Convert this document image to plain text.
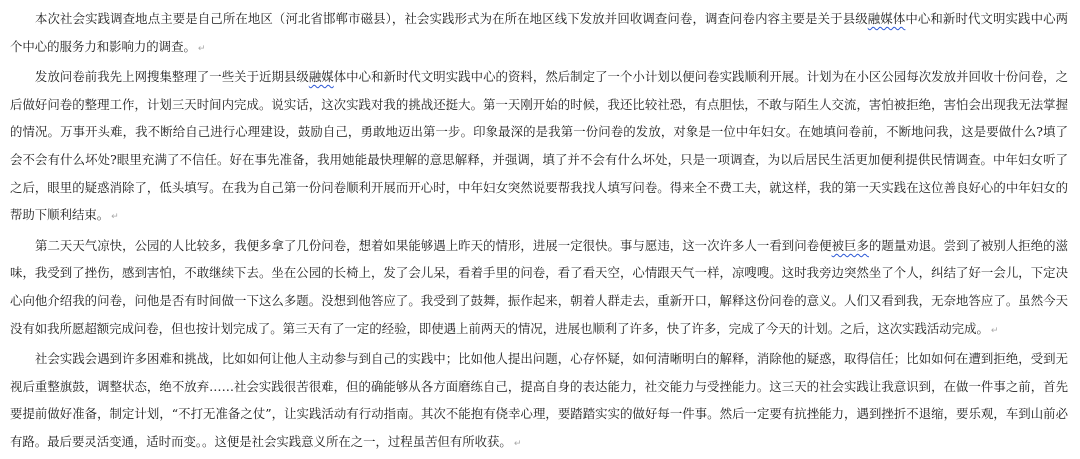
本次社会实践调查地点主要是自己所在地区（河北省邯郸市磁县），社会实践形式为在所在地区线下发放并回收调查问卷，调查问卷内容主要是关于县级融媒体中心和新时代文明实践中心两个中心的服务力和影响力的调查。 ↵

发放问卷前我先上网搜集整理了一些关于近期县级融媒体中心和新时代文明实践中心的资料，然后制定了一个小计划以便问卷实践顺利开展。计划为在小区公园每次发放并回收十份问卷，之后做好问卷的整理工作，计划三天时间内完成。说实话，这次实践对我的挑战还挺大。第一天刚开始的时候，我还比较社恐，有点胆怯，不敢与陌生人交流，害怕被拒绝，害怕会出现我无法掌握的情况。万事开头难，我不断给自己进行心理建设，鼓励自己，勇敢地迈出第一步。印象最深的是我第一份问卷的发放，对象是一位中年妇女。在她填问卷前，不断地问我，这是要做什么?填了会不会有什么坏处?眼里充满了不信任。好在事先准备，我用她能最快理解的意思解释，并强调，填了并不会有什么坏处，只是一项调查，为以后居民生活更加便利提供民情调查。中年妇女听了之后，眼里的疑惑消除了，低头填写。在我为自己第一份问卷顺利开展而开心时，中年妇女突然说要帮我找人填写问卷。得来全不费工夫，就这样，我的第一天实践在这位善良好心的中年妇女的帮助下顺利结束。 ↵

第二天天气凉快，公园的人比较多，我便多拿了几份问卷，想着如果能够遇上昨天的情形，进展一定很快。事与愿违，这一次许多人一看到问卷便被巨多的题量劝退。尝到了被别人拒绝的滋味，我受到了挫伤，感到害怕，不敢继续下去。坐在公园的长椅上，发了会儿呆，看着手里的问卷，看了看天空，心情跟天气一样，凉嗖嗖。这时我旁边突然坐了个人，纠结了好一会儿，下定决心向他介绍我的问卷，问他是否有时间做一下这么多题。没想到他答应了。我受到了鼓舞，振作起来，朝着人群走去，重新开口，解释这份问卷的意义。人们又看到我，无奈地答应了。虽然今天没有如我所愿超额完成问卷，但也按计划完成了。第三天有了一定的经验，即使遇上前两天的情况，进展也顺利了许多，快了许多，完成了今天的计划。之后，这次实践活动完成。 ↵

社会实践会遇到许多困难和挑战，比如如何让他人主动参与到自己的实践中；比如他人提出问题，心存怀疑，如何清晰明白的解释，消除他的疑惑，取得信任；比如如何在遭到拒绝，受到无视后重整旗鼓，调整状态，绝不放弃……社会实践很苦很难，但的确能够从各方面磨练自己，提高自身的表达能力，社交能力与受挫能力。这三天的社会实践让我意识到，在做一件事之前，首先要提前做好准备，制定计划，“不打无准备之仗”，让实践活动有行动指南。其次不能抱有侥幸心理，要踏踏实实的做好每一件事。然后一定要有抗挫能力，遇到挫折不退缩，要乐观，车到山前必有路。最后要灵活变通，适时而变。。这便是社会实践意义所在之一，过程虽苦但有所收获。 ↵
